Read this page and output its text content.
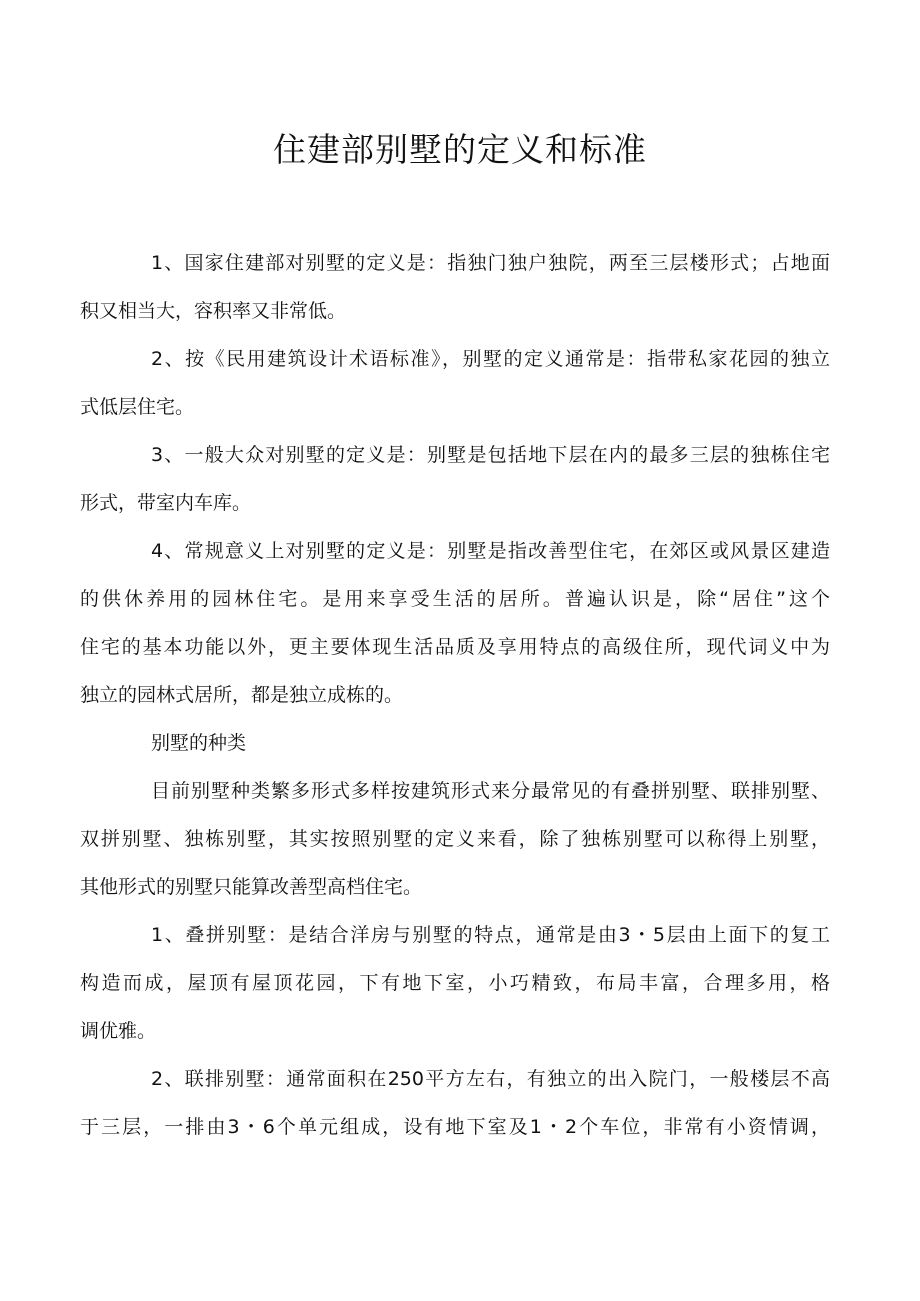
住建部别墅的定义和标准
1、国家住建部对别墅的定义是：指独门独户独院，两至三层楼形式；占地面
积又相当大，容积率又非常低。
2、按《民用建筑设计术语标准》，别墅的定义通常是：指带私家花园的独立
式低层住宅。
3、一般大众对别墅的定义是：别墅是包括地下层在内的最多三层的独栋住宅
形式，带室内车库。
4、常规意义上对别墅的定义是：别墅是指改善型住宅，在郊区或风景区建造
的供休养用的园林住宅。是用来享受生活的居所。普遍认识是，除“居住”这个
住宅的基本功能以外，更主要体现生活品质及享用特点的高级住所，现代词义中为
独立的园林式居所，都是独立成栋的。
别墅的种类
目前别墅种类繁多形式多样按建筑形式来分最常见的有叠拼别墅、联排别墅、
双拼别墅、独栋别墅，其实按照别墅的定义来看，除了独栋别墅可以称得上别墅，
其他形式的别墅只能算改善型高档住宅。
1、叠拼别墅：是结合洋房与别墅的特点，通常是由3・5层由上面下的复工
构造而成，屋顶有屋顶花园，下有地下室，小巧精致，布局丰富，合理多用，格
调优雅。
2、联排别墅：通常面积在250平方左右，有独立的出入院门，一般楼层不高
于三层，一排由3・6个单元组成，设有地下室及1・2个车位，非常有小资情调，
